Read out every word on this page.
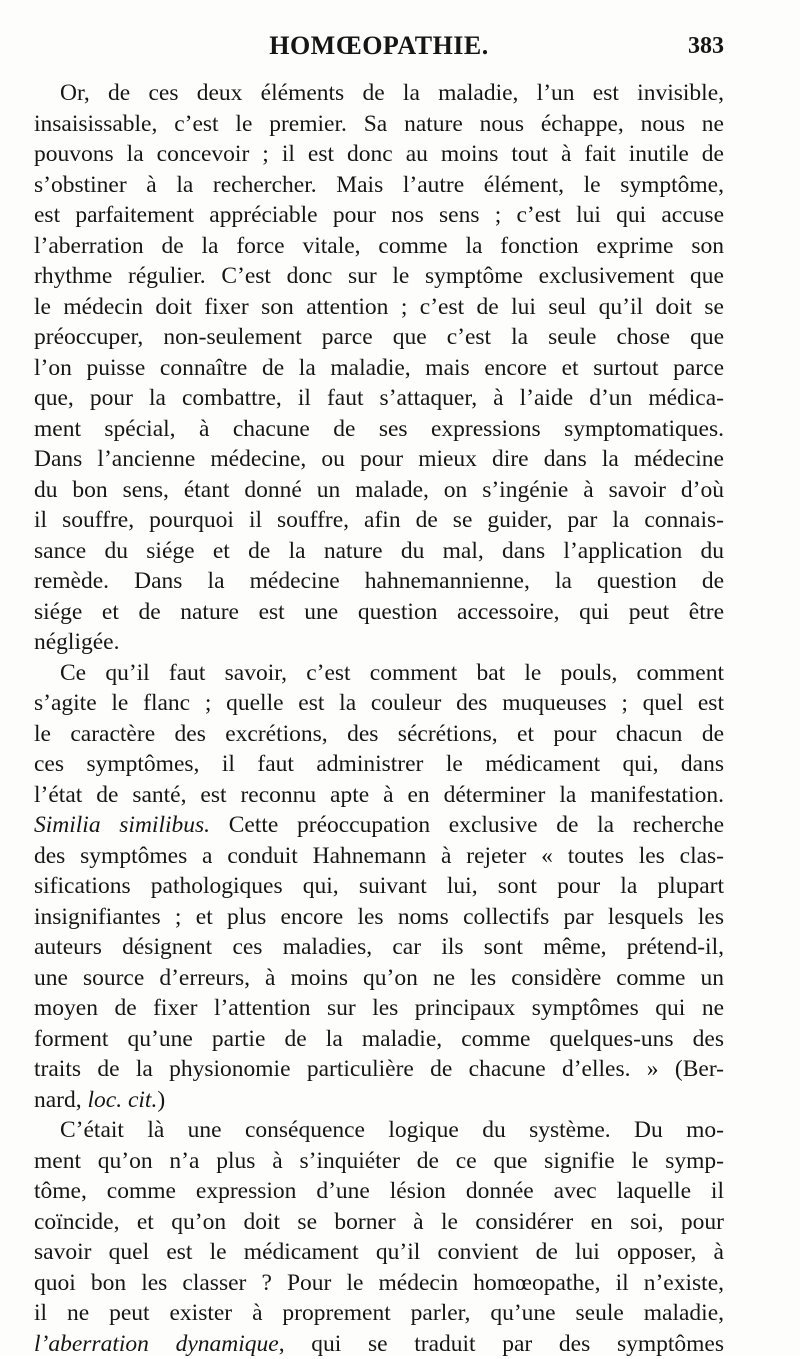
HOMŒOPATHIE.	383
Or, de ces deux éléments de la maladie, l’un est invisible,
insaisissable, c’est le premier. Sa nature nous échappe, nous ne
pouvons la concevoir ; il est donc au moins tout à fait inutile de
s’obstiner à la rechercher. Mais l’autre élément, le symptôme,
est parfaitement appréciable pour nos sens ; c’est lui qui accuse
l’aberration de la force vitale, comme la fonction exprime son
rhythme régulier. C’est donc sur le symptôme exclusivement que
le médecin doit fixer son attention ; c’est de lui seul qu’il doit se
préoccuper, non-seulement parce que c’est la seule chose que
l’on puisse connaître de la maladie, mais encore et surtout parce
que, pour la combattre, il faut s’attaquer, à l’aide d’un médica-
ment spécial, à chacune de ses expressions symptomatiques.
Dans l’ancienne médecine, ou pour mieux dire dans la médecine
du bon sens, étant donné un malade, on s’ingénie à savoir d’où
il souffre, pourquoi il souffre, afin de se guider, par la connais-
sance du siége et de la nature du mal, dans l’application du
remède. Dans la médecine hahnemannienne, la question de
siége et de nature est une question accessoire, qui peut être
négligée.
Ce qu’il faut savoir, c’est comment bat le pouls, comment
s’agite le flanc ; quelle est la couleur des muqueuses ; quel est
le caractère des excrétions, des sécrétions, et pour chacun de
ces symptômes, il faut administrer le médicament qui, dans
l’état de santé, est reconnu apte à en déterminer la manifestation.
Similia similibus. Cette préoccupation exclusive de la recherche
des symptômes a conduit Hahnemann à rejeter « toutes les clas-
sifications pathologiques qui, suivant lui, sont pour la plupart
insignifiantes ; et plus encore les noms collectifs par lesquels les
auteurs désignent ces maladies, car ils sont même, prétend-il,
une source d’erreurs, à moins qu’on ne les considère comme un
moyen de fixer l’attention sur les principaux symptômes qui ne
forment qu’une partie de la maladie, comme quelques-uns des
traits de la physionomie particulière de chacune d’elles. » (Ber-
nard, loc. cit.)
C’était là une conséquence logique du système. Du mo-
ment qu’on n’a plus à s’inquiéter de ce que signifie le symp-
tôme, comme expression d’une lésion donnée avec laquelle il
coïncide, et qu’on doit se borner à le considérer en soi, pour
savoir quel est le médicament qu’il convient de lui opposer, à
quoi bon les classer ? Pour le médecin homœopathe, il n’existe,
il ne peut exister à proprement parler, qu’une seule maladie,
l’aberration dynamique, qui se traduit par des symptômes
